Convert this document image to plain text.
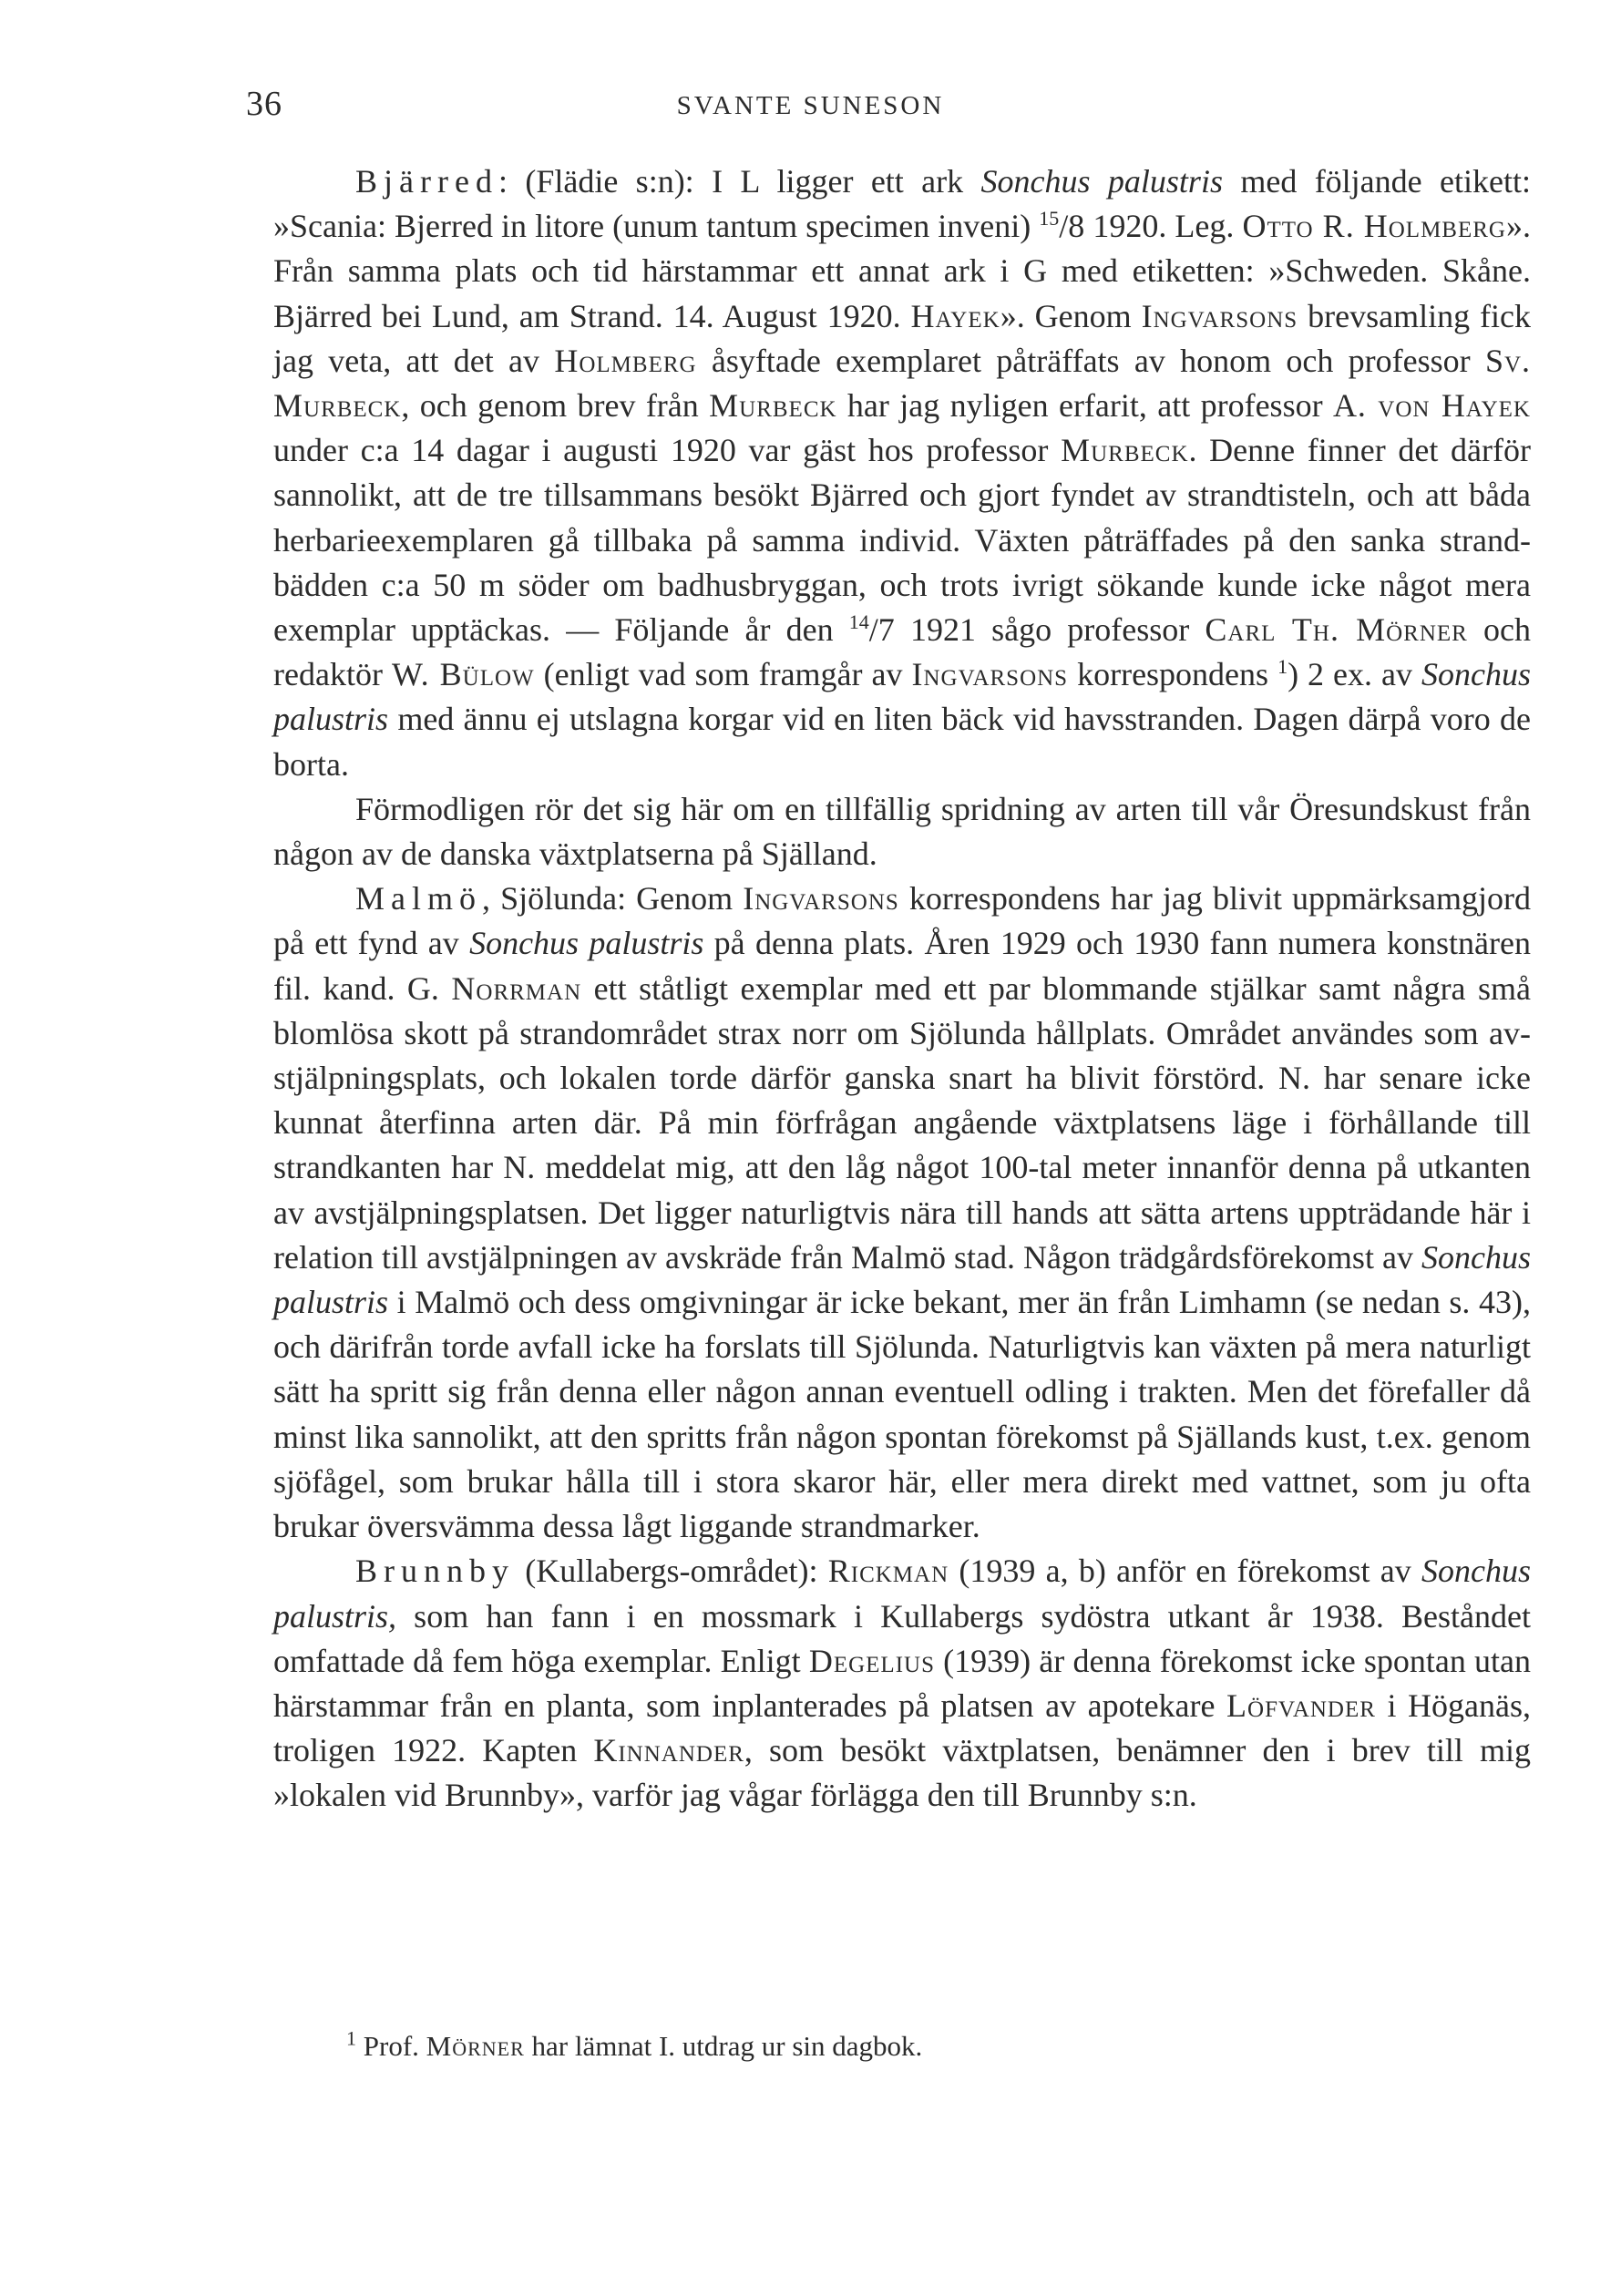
36	SVANTE SUNESON

Bjärred: (Flädie s:n): I L ligger ett ark Sonchus palustris med följande etikett: »Scania: Bjerred in litore (unum tantum specimen inveni) $^{15}$/8 1920. Leg. Otto R. Holmberg». Från samma plats och tid härstammar ett annat ark i G med etiketten: »Schweden. Skåne. Bjärred bei Lund, am Strand. 14. August 1920. Hayek». Genom Ingvarsons brevsamling fick jag veta, att det av Holmberg åsyftade exemplaret påträffats av honom och professor Sv. Murbeck, och genom brev från Murbeck har jag nyligen erfarit, att professor A. von Hayek under c:a 14 dagar i augusti 1920 var gäst hos professor Murbeck. Denne finner det därför sannolikt, att de tre tillsammans besökt Bjärred och gjort fyndet av strandtisteln, och att båda herbarieexemplaren gå tillbaka på samma individ. Växten påträffades på den sanka strandbädden c:a 50 m söder om badhusbryggan, och trots ivrigt sökande kunde icke något mera exemplar upptäckas. — Följande år den $^{14}$/7 1921 sågo professor Carl Th. Mörner och redaktör W. Bülow (enligt vad som framgår av Ingvarsons korrespondens $^1$) 2 ex. av Sonchus palustris med ännu ej utslagna korgar vid en liten bäck vid havsstranden. Dagen därpå voro de borta.

Förmodligen rör det sig här om en tillfällig spridning av arten till vår Öresundskust från någon av de danska växtplatserna på Själland.

Malmö, Sjölunda: Genom Ingvarsons korrespondens har jag blivit uppmärksamgjord på ett fynd av Sonchus palustris på denna plats. Åren 1929 och 1930 fann numera konstnären fil. kand. G. Norrman ett ståtligt exemplar med ett par blommande stjälkar samt några små blomlösa skott på strandområdet strax norr om Sjölunda hållplats. Området användes som avstjälpningsplats, och lokalen torde därför ganska snart ha blivit förstörd. N. har senare icke kunnat återfinna arten där. På min förfrågan angående växtplatsens läge i förhållande till strandkanten har N. meddelat mig, att den låg något 100-tal meter innanför denna på utkanten av avstjälpningsplatsen. Det ligger naturligtvis nära till hands att sätta artens uppträdande här i relation till avstjälpningen av avskräde från Malmö stad. Någon trädgårdsförekomst av Sonchus palustris i Malmö och dess omgivningar är icke bekant, mer än från Limhamn (se nedan s. 43), och därifrån torde avfall icke ha forslats till Sjölunda. Naturligtvis kan växten på mera naturligt sätt ha spritt sig från denna eller någon annan eventuell odling i trakten. Men det förefaller då minst lika sannolikt, att den spritts från någon spontan förekomst på Själlands kust, t.ex. genom sjöfågel, som brukar hålla till i stora skaror här, eller mera direkt med vattnet, som ju ofta brukar översvämma dessa lågt liggande strandmarker.

Brunnby (Kullabergs-området): Rickman (1939 a, b) anför en förekomst av Sonchus palustris, som han fann i en mossmark i Kullabergs sydöstra utkant år 1938. Beståndet omfattade då fem höga exemplar. Enligt Degelius (1939) är denna förekomst icke spontan utan härstammar från en planta, som inplanterades på platsen av apotekare Löfvander i Höganäs, troligen 1922. Kapten Kinnander, som besökt växtplatsen, benämner den i brev till mig »lokalen vid Brunnby», varför jag vågar förlägga den till Brunnby s:n.

$^1$ Prof. Mörner har lämnat I. utdrag ur sin dagbok.
